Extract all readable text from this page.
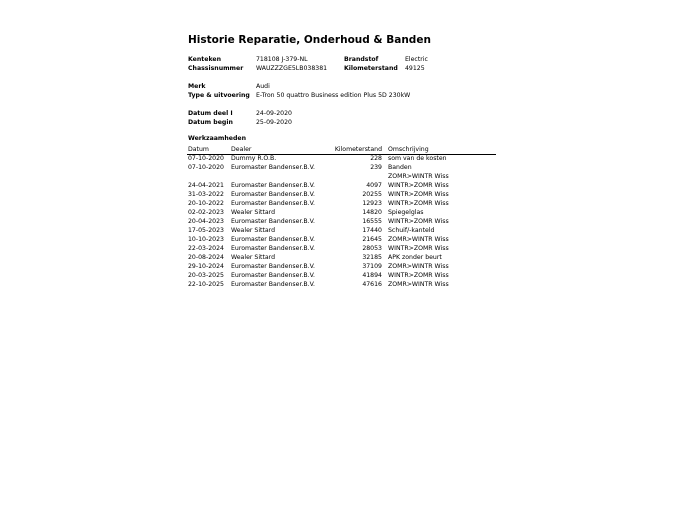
Historie Reparatie, Onderhoud & Banden
Kenteken	718108 J-379-NL	Brandstof	Electric
Chassisnummer WAUZZZGE5LB038381	Kilometerstand 49125
Merk	Audi
Type & uitvoering E-Tron 50 quattro Business edition Plus 5D 230kW
Datum deel I	24-09-2020
Datum begin	25-09-2020
Werkzaamheden
Datum	Dealer	Kilometerstand Omschrijving
07-10-2020 Dummy R.O.B.	228 som van de kosten
07-10-2020 Euromaster Bandenser.B.V.	239 Banden
ZOMR>WINTR Wiss
24-04-2021 Euromaster Bandenser.B.V.	4097 WINTR>ZOMR Wiss
31-03-2022 Euromaster Bandenser.B.V.	20255 WINTR>ZOMR Wiss
20-10-2022 Euromaster Bandenser.B.V.	12923 WINTR>ZOMR Wiss
02-02-2023 Wealer Sittard	14820 Spiegelglas
20-04-2023 Euromaster Bandenser.B.V.	16555 WINTR>ZOMR Wiss
17-05-2023 Wealer Sittard	17440 Schuif/-kanteld
10-10-2023 Euromaster Bandenser.B.V.	21645 ZOMR>WINTR Wiss
22-03-2024 Euromaster Bandenser.B.V.	28053 WINTR>ZOMR Wiss
20-08-2024 Wealer Sittard	32185 APK zonder beurt
29-10-2024 Euromaster Bandenser.B.V.	37109 ZOMR>WINTR Wiss
20-03-2025 Euromaster Bandenser.B.V.	41894 WINTR>ZOMR Wiss
22-10-2025 Euromaster Bandenser.B.V.	47616 ZOMR>WINTR Wiss
